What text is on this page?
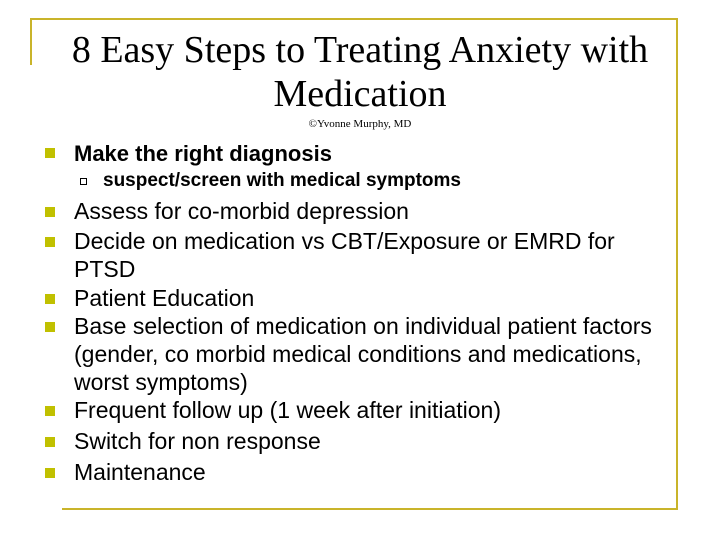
8 Easy Steps to Treating Anxiety with Medication
©Yvonne Murphy, MD
Make the right diagnosis
suspect/screen with medical symptoms
Assess for co-morbid depression
Decide on medication vs CBT/Exposure or EMRD for PTSD
Patient Education
Base selection of medication on individual patient factors (gender, co morbid medical conditions and medications, worst symptoms)
Frequent follow up (1 week after initiation)
Switch for non response
Maintenance
